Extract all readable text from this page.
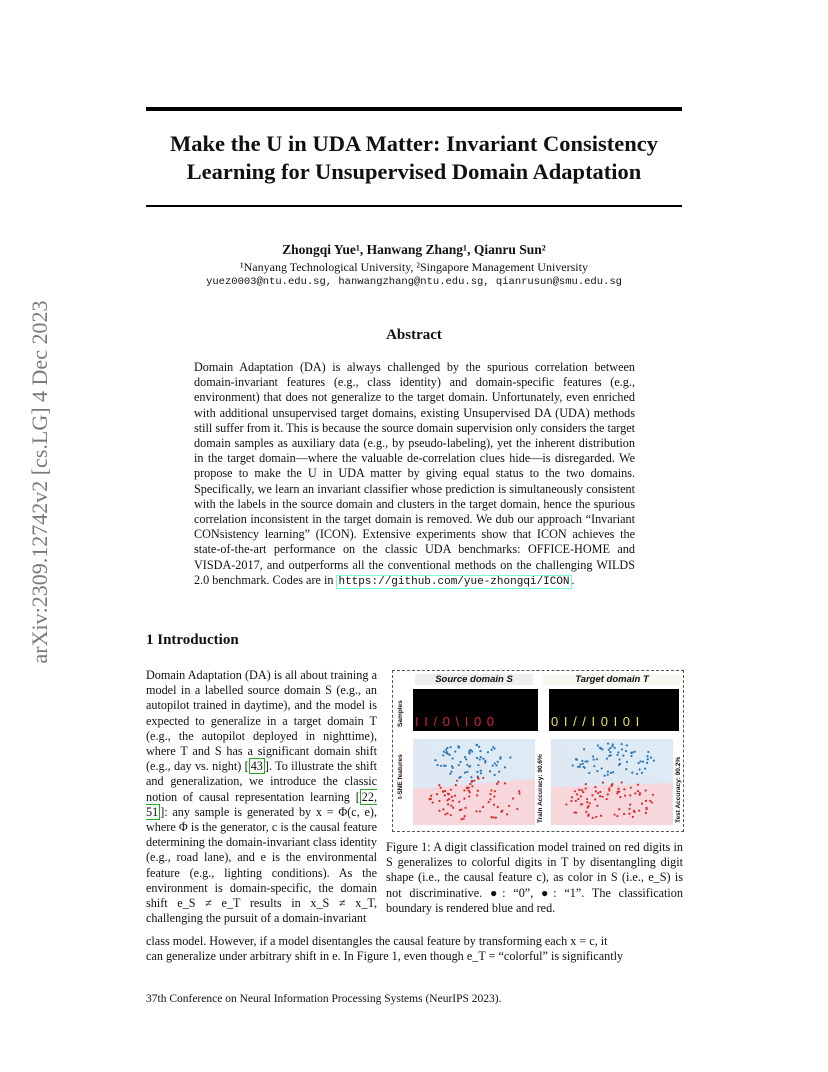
arXiv:2309.12742v2 [cs.LG] 4 Dec 2023
Make the U in UDA Matter: Invariant Consistency Learning for Unsupervised Domain Adaptation
Zhongqi Yue¹, Hanwang Zhang¹, Qianru Sun²
¹Nanyang Technological University, ²Singapore Management University
yuez0003@ntu.edu.sg, hanwangzhang@ntu.edu.sg, qianrusun@smu.edu.sg
Abstract
Domain Adaptation (DA) is always challenged by the spurious correlation between domain-invariant features (e.g., class identity) and domain-specific features (e.g., environment) that does not generalize to the target domain. Unfortunately, even enriched with additional unsupervised target domains, existing Unsupervised DA (UDA) methods still suffer from it. This is because the source domain supervision only considers the target domain samples as auxiliary data (e.g., by pseudo-labeling), yet the inherent distribution in the target domain—where the valuable de-correlation clues hide—is disregarded. We propose to make the U in UDA matter by giving equal status to the two domains. Specifically, we learn an invariant classifier whose prediction is simultaneously consistent with the labels in the source domain and clusters in the target domain, hence the spurious correlation inconsistent in the target domain is removed. We dub our approach “Invariant CONsistency learning” (ICON). Extensive experiments show that ICON achieves the state-of-the-art performance on the classic UDA benchmarks: OFFICE-HOME and VISDA-2017, and outperforms all the conventional methods on the challenging WILDS 2.0 benchmark. Codes are in https://github.com/yue-zhongqi/ICON .
1 Introduction
Domain Adaptation (DA) is all about training a model in a labelled source domain S (e.g., an autopilot trained in daytime), and the model is expected to generalize in a target domain T (e.g., the autopilot deployed in nighttime), where T and S has a significant domain shift (e.g., day vs. night) [ 43 ]. To illustrate the shift and generalization, we introduce the classic notion of causal representation learning [ 22, 51 ]: any sample is generated by x = Φ(c, e), where Φ is the generator, c is the causal feature determining the domain-invariant class identity (e.g., road lane), and e is the environmental feature (e.g., lighting conditions). As the environment is domain-specific, the domain shift e_S ≠ e_T results in x_S ≠ x_T, challenging the pursuit of a domain-invariant
class model. However, if a model disentangles the causal feature by transforming each x = c, it
can generalize under arbitrary shift in e. In Figure 1, even though e_T = “colorful” is significantly
Source domain S	Target domain T
Samples
t-SNE features

I I / 0 \ I 0 0

	0 I / / I 0 I 0 I

Train Accuracy: 90.6%	Test Accuracy: 90.2%
Figure 1: A digit classification model trained on red digits in S generalizes to colorful digits in T by disentangling digit shape (i.e., the causal feature c), as color in S (i.e., e_S) is not discriminative. ●: “0”, ●: “1”. The classification boundary is rendered blue and red.
37th Conference on Neural Information Processing Systems (NeurIPS 2023).
